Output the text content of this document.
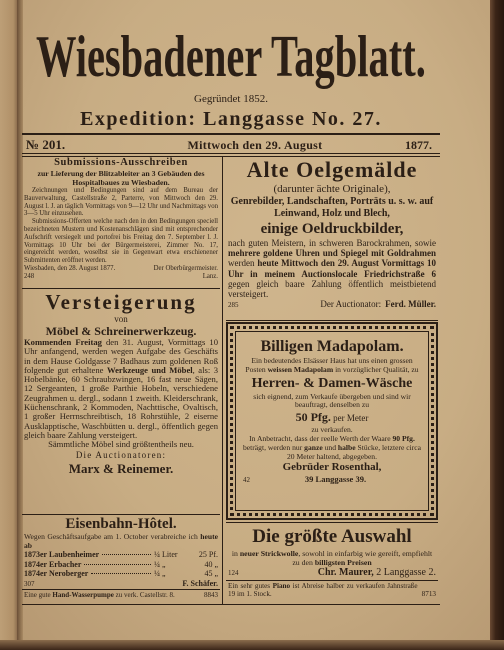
Wiesbadener Tagblatt.
Gegründet 1852.
Expedition: Langgasse No. 27.
№ 201.	Mittwoch den 29. August	1877.
Submissions-Ausschreiben
zur Lieferung der Blitzableiter an 3 Gebäuden des Hospitalbaues zu Wiesbaden.

Zeichnungen und Bedingungen sind auf dem Bureau der Bauverwaltung, Castellstraße 2, Parterre, von Mittwoch den 29. August l. J. an täglich Vormittags von 9—12 Uhr und Nachmittags von 3—5 Uhr einzusehen.

Submissions-Offerten welche nach den in den Bedingungen speciell bezeichneten Mustern und Kostenanschlägen sind mit entsprechender Aufschrift versiegelt und portofrei bis Freitag den 7. September l. J. Vormittags 10 Uhr bei der Bürgermeisterei, Zimmer No. 17, eingereicht werden, woselbst sie in Gegenwart etwa erschienener Submittenten eröffnet werden.

Wiesbaden, den 28. August 1877.	Der Oberbürgermeister.
248	Lanz.
Versteigerung
von
Möbel & Schreinerwerkzeug.

Kommenden Freitag den 31. August, Vormittags 10 Uhr anfangend, werden wegen Aufgabe des Geschäfts in dem Hause Goldgasse 7 Badhaus zum goldenen Roß folgende gut erhaltene Werkzeuge und Möbel, als: 3 Hobelbänke, 60 Schraubzwingen, 16 fast neue Sägen, 12 Sergeanten, 1 große Parthie Hobeln, verschiedene Zeugrahmen u. dergl., sodann 1 zweith. Kleiderschrank, Küchenschrank, 2 Kommoden, Nachttische, Ovaltisch, 1 großer Herrnschreibtisch, 18 Rohrstühle, 2 eiserne Ausklapptische, Waschbütten u. dergl., öffentlich gegen gleich baare Zahlung versteigert.

Sämmtliche Möbel sind größtentheils neu.

Die Auctionatoren:
Marx & Reinemer.
Eisenbahn-Hôtel.

Wegen Geschäftsaufgabe am 1. October verabreiche ich heute ab

1873er Laubenheimer	¼ Liter	25 Pf.
1874er Erbacher	¼ „	40 „
1874er Neroberger	¼ „	45 „
307	F. Schäfer.
Eine gute Hand-Wasserpumpe zu verk. Castellstr. 8.	8843
Alte Oelgemälde
(darunter ächte Originale),
Genrebilder, Landschaften, Porträts u. s. w. auf Leinwand, Holz und Blech,
einige Oeldruckbilder,

nach guten Meistern, in schweren Barockrahmen, sowie mehrere goldene Uhren und Spiegel mit Goldrahmen werden heute Mittwoch den 29. August Vormittags 10 Uhr in meinem Auctionslocale Friedrichstraße 6 gegen gleich baare Zahlung öffentlich meistbietend versteigert.

285	Der Auctionator: Ferd. Müller.
Billigen Madapolam.

Ein bedeutendes Elsässer Haus hat uns einen grossen Posten weissen Madapolam in vorzüglicher Qualität, zu

Herren- & Damen-Wäsche

sich eignend, zum Verkaufe übergeben und sind wir beauftragt, denselben zu

50 Pfg. per Meter

zu verkaufen.

In Anbetracht, dass der reelle Werth der Waare 90 Pfg. beträgt, werden nur ganze und halbe Stücke, letztere circa 20 Meter haltend, abgegeben.

Gebrüder Rosenthal,
42	39 Langgasse 39.
Die größte Auswahl

in neuer Strickwolle, sowohl in einfarbig wie gereift, empfiehlt zu den billigsten Preisen

124	Chr. Maurer, 2 Langgasse 2.

Ein sehr gutes Piano ist Abreise halber zu verkaufen Jahnstraße 19 im 1. Stock.	8713
